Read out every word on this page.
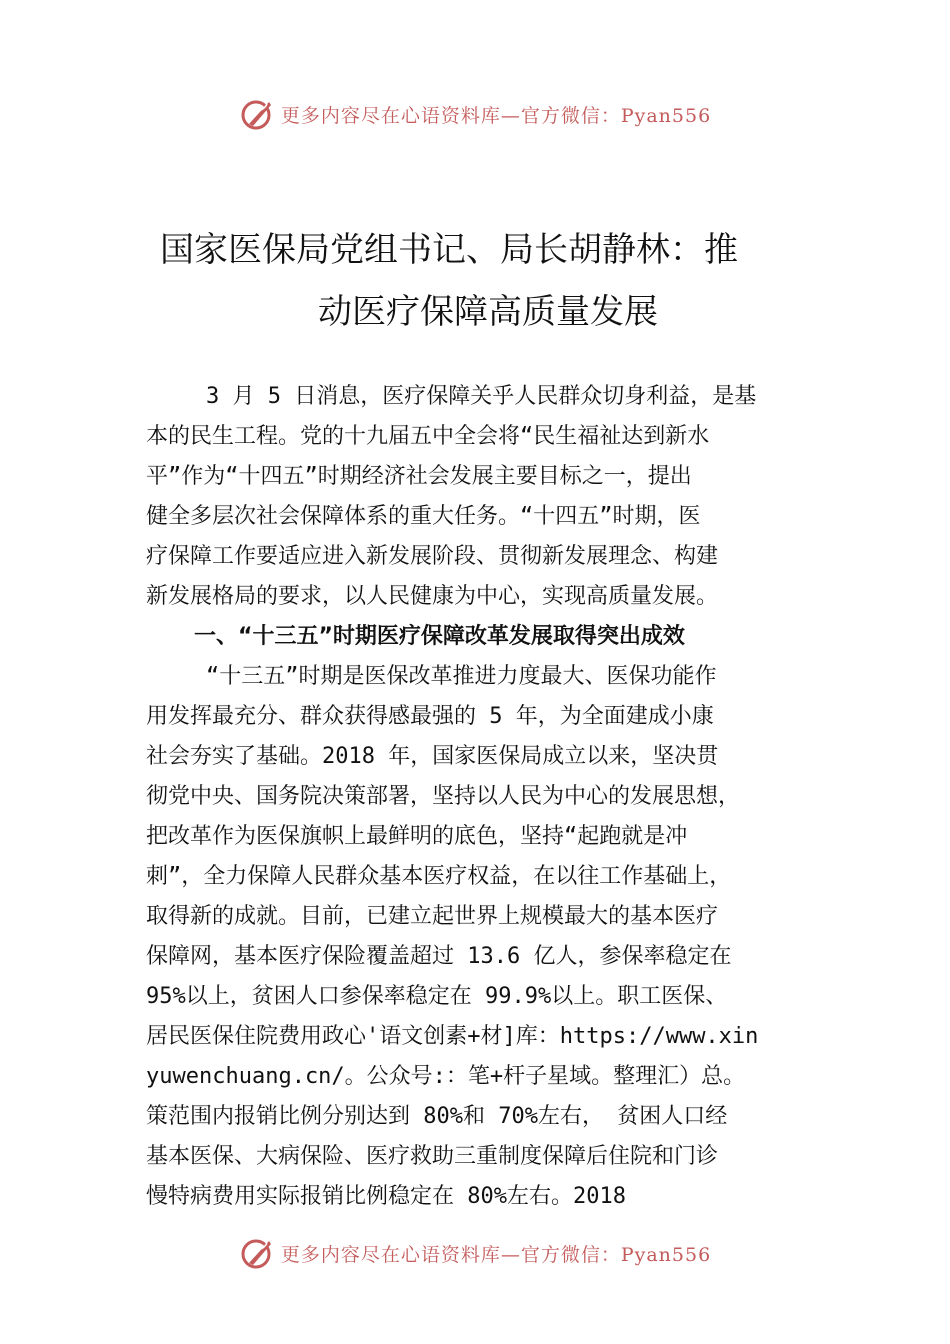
更多内容尽在心语资料库—官方微信：Pyan556
国家医保局党组书记、局长胡静林：推
动医疗保障高质量发展
3 月 5 日消息，医疗保障关乎人民群众切身利益，是基
本的民生工程。党的十九届五中全会将“民生福祉达到新水
平”作为“十四五”时期经济社会发展主要目标之一，提出
健全多层次社会保障体系的重大任务。“十四五”时期，医
疗保障工作要适应进入新发展阶段、贯彻新发展理念、构建
新发展格局的要求，以人民健康为中心，实现高质量发展。
一、“十三五”时期医疗保障改革发展取得突出成效
“十三五”时期是医保改革推进力度最大、医保功能作
用发挥最充分、群众获得感最强的 5 年，为全面建成小康
社会夯实了基础。2018 年，国家医保局成立以来，坚决贯
彻党中央、国务院决策部署，坚持以人民为中心的发展思想，
把改革作为医保旗帜上最鲜明的底色，坚持“起跑就是冲
刺”，全力保障人民群众基本医疗权益，在以往工作基础上，
取得新的成就。目前，已建立起世界上规模最大的基本医疗
保障网，基本医疗保险覆盖超过 13.6 亿人，参保率稳定在
95%以上，贫困人口参保率稳定在 99.9%以上。职工医保、
居民医保住院费用政心'语文创素+材]库：https://www.xin
yuwenchuang.cn/。公众号:：笔+杆子星域。整理汇）总。
策范围内报销比例分别达到 80%和 70%左右， 贫困人口经
基本医保、大病保险、医疗救助三重制度保障后住院和门诊
慢特病费用实际报销比例稳定在 80%左右。2018
更多内容尽在心语资料库—官方微信：Pyan556
